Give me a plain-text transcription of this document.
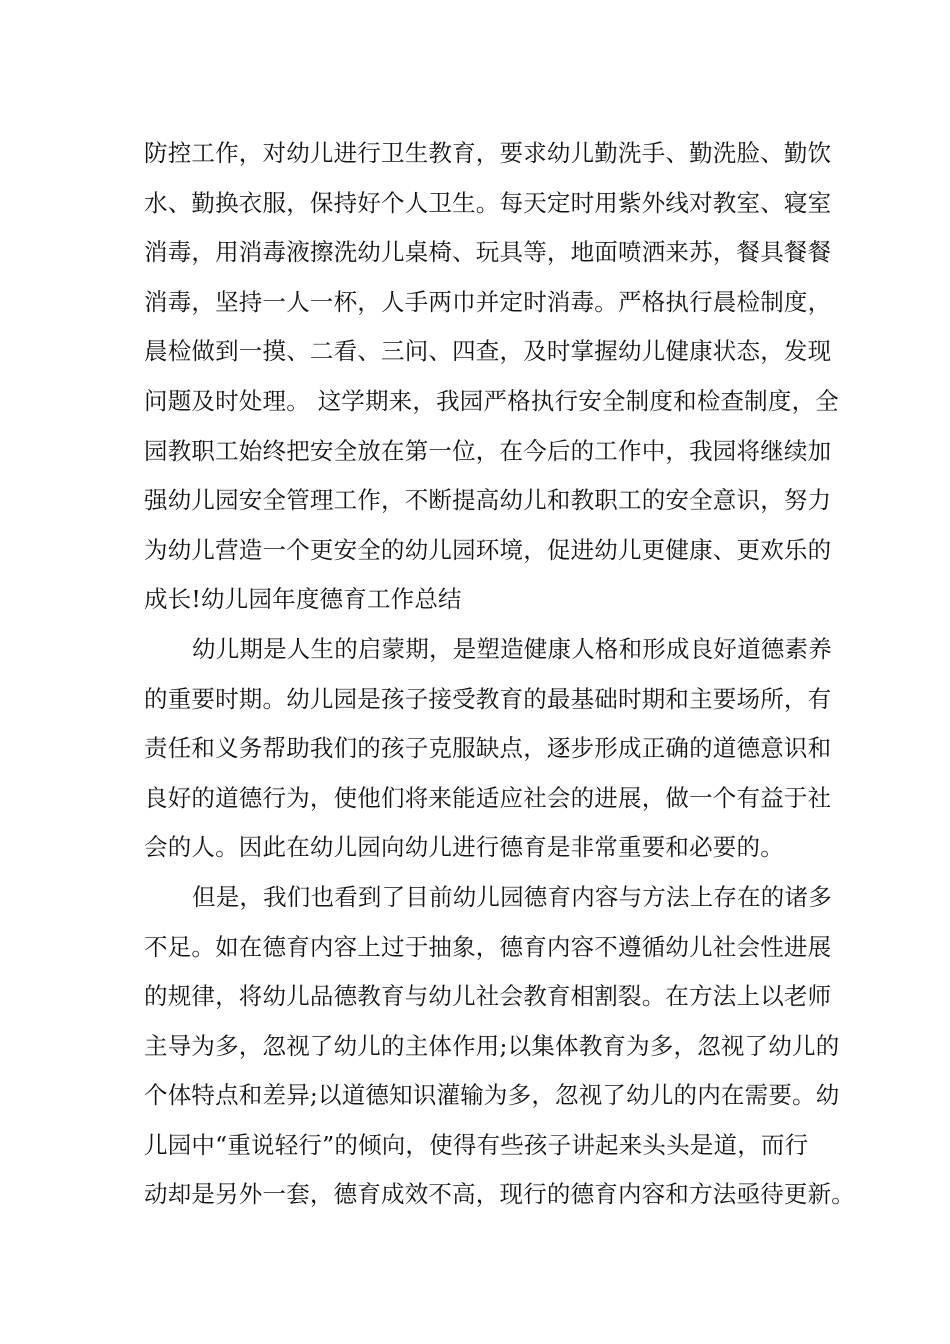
防控工作，对幼儿进行卫生教育，要求幼儿勤洗手、勤洗脸、勤饮
水、勤换衣服，保持好个人卫生。每天定时用紫外线对教室、寝室
消毒，用消毒液擦洗幼儿桌椅、玩具等，地面喷洒来苏，餐具餐餐
消毒，坚持一人一杯，人手两巾并定时消毒。严格执行晨检制度，
晨检做到一摸、二看、三问、四查，及时掌握幼儿健康状态，发现
问题及时处理。 这学期来，我园严格执行安全制度和检查制度，全
园教职工始终把安全放在第一位，在今后的工作中，我园将继续加
强幼儿园安全管理工作，不断提高幼儿和教职工的安全意识，努力
为幼儿营造一个更安全的幼儿园环境，促进幼儿更健康、更欢乐的
成长!幼儿园年度德育工作总结
幼儿期是人生的启蒙期，是塑造健康人格和形成良好道德素养
的重要时期。幼儿园是孩子接受教育的最基础时期和主要场所，有
责任和义务帮助我们的孩子克服缺点，逐步形成正确的道德意识和
良好的道德行为，使他们将来能适应社会的进展，做一个有益于社
会的人。因此在幼儿园向幼儿进行德育是非常重要和必要的。
但是，我们也看到了目前幼儿园德育内容与方法上存在的诸多
不足。如在德育内容上过于抽象，德育内容不遵循幼儿社会性进展
的规律，将幼儿品德教育与幼儿社会教育相割裂。在方法上以老师
主导为多，忽视了幼儿的主体作用;以集体教育为多，忽视了幼儿的
个体特点和差异;以道德知识灌输为多，忽视了幼儿的内在需要。幼
儿园中“重说轻行”的倾向，使得有些孩子讲起来头头是道，而行
动却是另外一套，德育成效不高，现行的德育内容和方法亟待更新。
